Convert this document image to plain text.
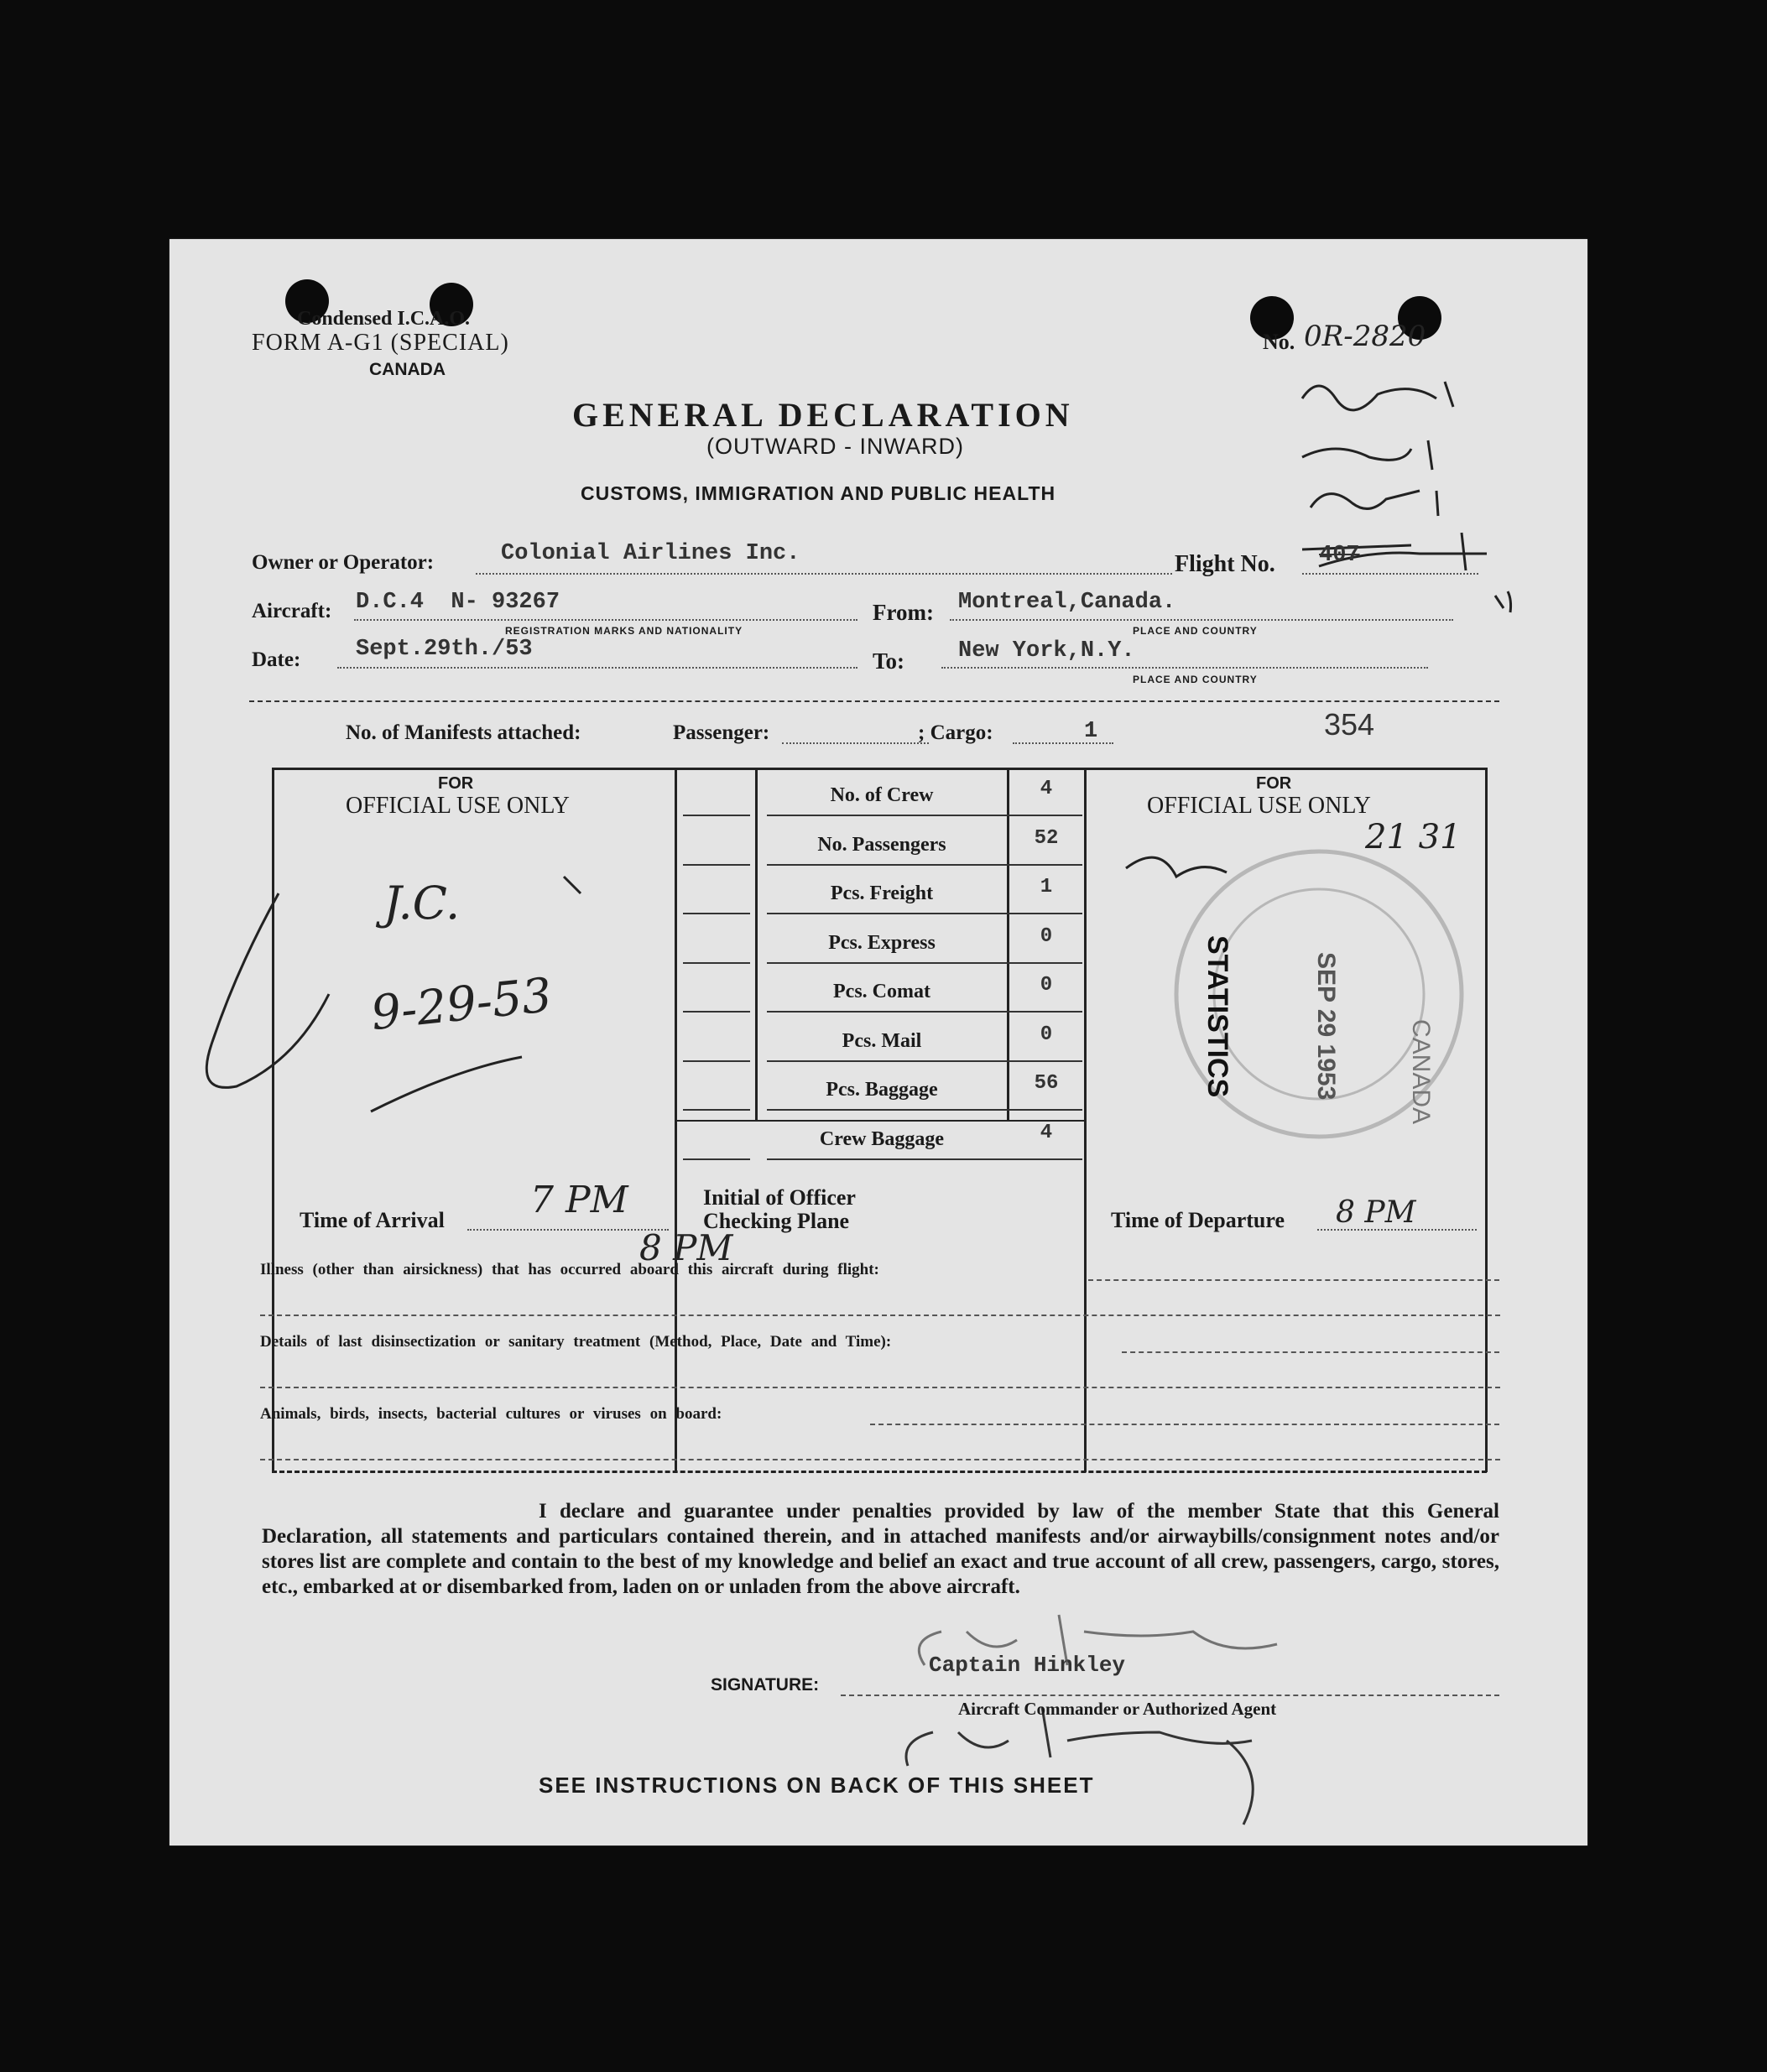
Condensed I.C.A.O.
FORM A-G1 (SPECIAL)
CANADA
No. 0R-2820
GENERAL DECLARATION
(OUTWARD - INWARD)
CUSTOMS, IMMIGRATION AND PUBLIC HEALTH
Owner or Operator:	Colonial Airlines Inc.	Flight No. 407
Aircraft: D.C.4  N- 93267
REGISTRATION MARKS AND NATIONALITY
From: Montreal,Canada.
PLACE AND COUNTRY
Date: Sept.29th./53	To: New York,N.Y.
PLACE AND COUNTRY
No. of Manifests attached:	Passenger:	; Cargo:	1	354
FOR
OFFICIAL USE ONLY
FOR
OFFICIAL USE ONLY
Time of Arrival
Initial of Officer
Checking Plane	Time of Departure
J.C.
9-29-53
7 PM
8 PM
21 31
STATISTICS	SEP 29 1953	CANADA
8 PM
Illness (other than airsickness) that has occurred aboard this aircraft during flight:
Details of last disinsectization or sanitary treatment (Method, Place, Date and Time):
Animals, birds, insects, bacterial cultures or viruses on board:
I declare and guarantee under penalties provided by law of the member State that this General Declaration, all statements and particulars contained therein, and in attached manifests and/or airwaybills/consignment notes and/or stores list are complete and contain to the best of my knowledge and belief an exact and true account of all crew, passengers, cargo, stores, etc., embarked at or disembarked from, laden on or unladen from the above aircraft.
Captain Hinkley
SIGNATURE:
Aircraft Commander or Authorized Agent
SEE INSTRUCTIONS ON BACK OF THIS SHEET
No. of Crew	4
No. Passengers	52
Pcs. Freight	1
Pcs. Express	0
Pcs. Comat	0
Pcs. Mail	0
Pcs. Baggage	56
Crew Baggage	4
